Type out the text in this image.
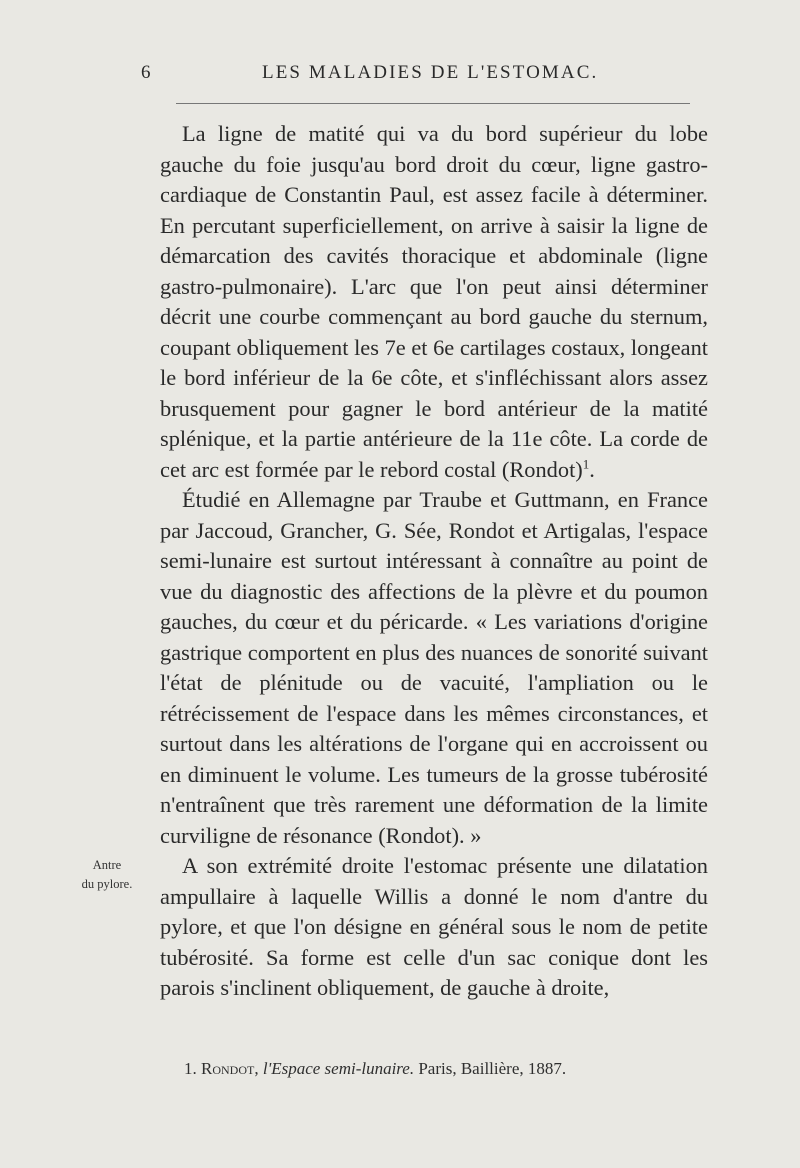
6	LES MALADIES DE L'ESTOMAC.

La ligne de matité qui va du bord supérieur du lobe gauche du foie jusqu'au bord droit du cœur, ligne gastro-cardiaque de Constantin Paul, est assez facile à déterminer. En percutant superficiellement, on arrive à saisir la ligne de démarcation des cavités thoracique et abdominale (ligne gastro-pulmonaire). L'arc que l'on peut ainsi déterminer décrit une courbe commençant au bord gauche du sternum, coupant obliquement les 7e et 6e cartilages costaux, longeant le bord inférieur de la 6e côte, et s'infléchissant alors assez brusquement pour gagner le bord antérieur de la matité splénique, et la partie antérieure de la 11e côte. La corde de cet arc est formée par le rebord costal (Rondot)$^1$.

Étudié en Allemagne par Traube et Guttmann, en France par Jaccoud, Grancher, G. Sée, Rondot et Artigalas, l'espace semi-lunaire est surtout intéressant à connaître au point de vue du diagnostic des affections de la plèvre et du poumon gauches, du cœur et du péricarde. « Les variations d'origine gastrique comportent en plus des nuances de sonorité suivant l'état de plénitude ou de vacuité, l'ampliation ou le rétrécissement de l'espace dans les mêmes circonstances, et surtout dans les altérations de l'organe qui en accroissent ou en diminuent le volume. Les tumeurs de la grosse tubérosité n'entraînent que très rarement une déformation de la limite curviligne de résonance (Rondot). »

A son extrémité droite l'estomac présente une dilatation ampullaire à laquelle Willis a donné le nom d'antre du pylore, et que l'on désigne en général sous le nom de petite tubérosité. Sa forme est celle d'un sac conique dont les parois s'inclinent obliquement, de gauche à droite,

Antre
du pylore.
1. Rondot, l'Espace semi-lunaire. Paris, Baillière, 1887.
